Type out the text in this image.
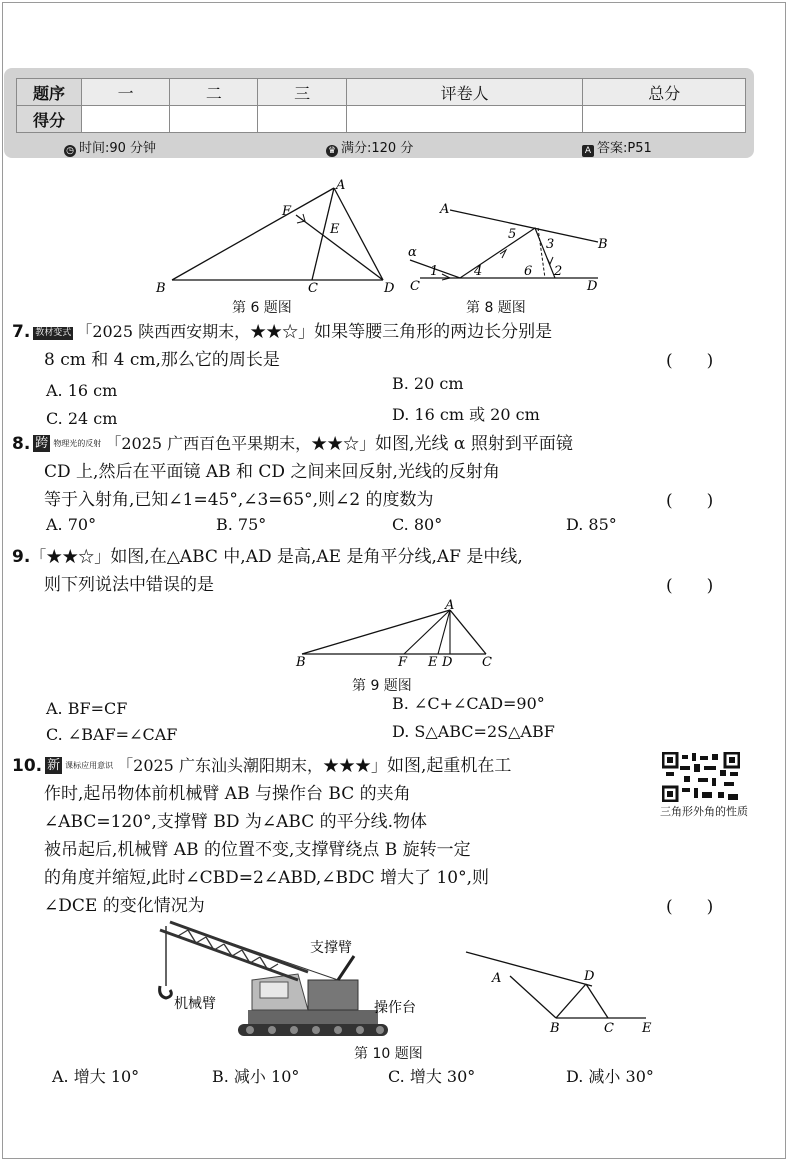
题序	一	二	三	评卷人	总分
得分					
◷ 时间:90 分钟	♛ 满分:120 分	A 答案:P51
A
B	C	D
E
F
第 6 题图
α
A
B
C	D
1	2
3
4
5
6
第 8 题图
7. 教材变式 「2025 陕西西安期末，★★☆」如果等腰三角形的两边长分别是
8 cm 和 4 cm,那么它的周长是	(　　)
A. 16 cm	B. 20 cm
C. 24 cm	D. 16 cm 或 20 cm
8. 跨 物理光的反射 「2025 广西百色平果期末，★★☆」如图,光线 α 照射到平面镜
CD 上,然后在平面镜 AB 和 CD 之间来回反射,光线的反射角
等于入射角,已知∠1=45°,∠3=65°,则∠2 的度数为	(　　)
A. 70°	B. 75°	C. 80°	D. 85°
9.「★★☆」如图,在△ABC 中,AD 是高,AE 是角平分线,AF 是中线,
则下列说法中错误的是	(　　)
A
B	F E D C
第 9 题图
A. BF=CF	B. ∠C+∠CAD=90°
C. ∠BAF=∠CAF	D. S△ABC=2S△ABF
10. 新 课标应用意识 「2025 广东汕头潮阳期末，★★★」如图,起重机在工
作时,起吊物体前机械臂 AB 与操作台 BC 的夹角
∠ABC=120°,支撑臂 BD 为∠ABC 的平分线.物体
被吊起后,机械臂 AB 的位置不变,支撑臂绕点 B 旋转一定
的角度并缩短,此时∠CBD=2∠ABD,∠BDC 增大了 10°,则
∠DCE 的变化情况为	(　　)
三角形外角的性质
支撑臂
机械臂	操作台
A	D
B	C E
第 10 题图
A. 增大 10°	B. 减小 10°	C. 增大 30°	D. 减小 30°
